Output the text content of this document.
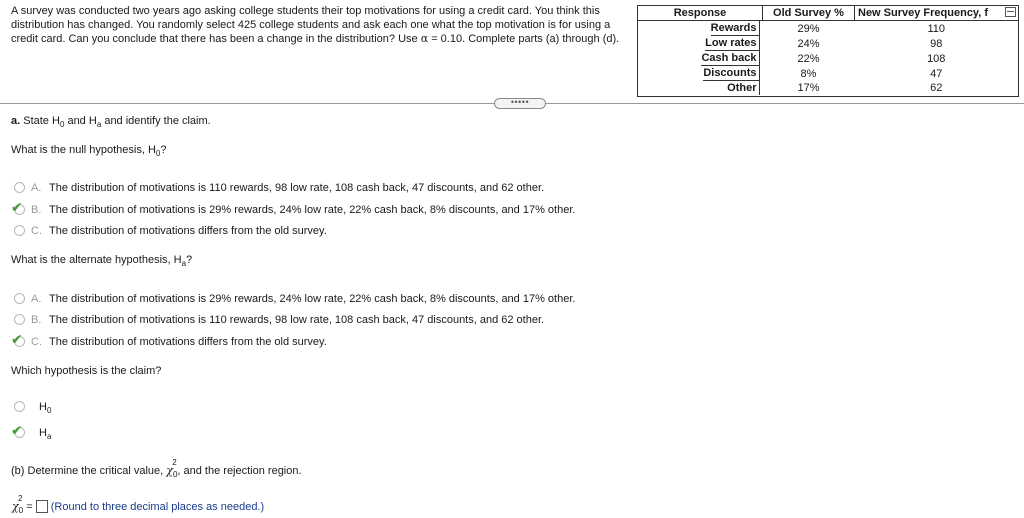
A survey was conducted two years ago asking college students their top motivations for using a credit card. You think this distribution has changed. You randomly select 425 college students and ask each one what the top motivation is for using a credit card. Can you conclude that there has been a change in the distribution? Use α = 0.10. Complete parts (a) through (d).
Response	Old Survey %	New Survey Frequency, f
Rewards	29%	110
Low rates	24%	98
Cash back	22%	108
Discounts	8%	47
Other	17%	62
•••••
a. State $H_0$ and $H_a$ and identify the claim.
What is the null hypothesis, $H_0$?
A. The distribution of motivations is 110 rewards, 98 low rate, 108 cash back, 47 discounts, and 62 other.
✔ B. The distribution of motivations is 29% rewards, 24% low rate, 22% cash back, 8% discounts, and 17% other.
C. The distribution of motivations differs from the old survey.
What is the alternate hypothesis, $H_a$?
A. The distribution of motivations is 29% rewards, 24% low rate, 22% cash back, 8% discounts, and 17% other.
B. The distribution of motivations is 110 rewards, 98 low rate, 108 cash back, 47 discounts, and 62 other.
✔ C. The distribution of motivations differs from the old survey.
Which hypothesis is the claim?
$H_0$
✔ $H_a$
(b) Determine the critical value, χ
2
$_0$, and the rejection region.
χ
2
$_0$ = (Round to three decimal places as needed.)
